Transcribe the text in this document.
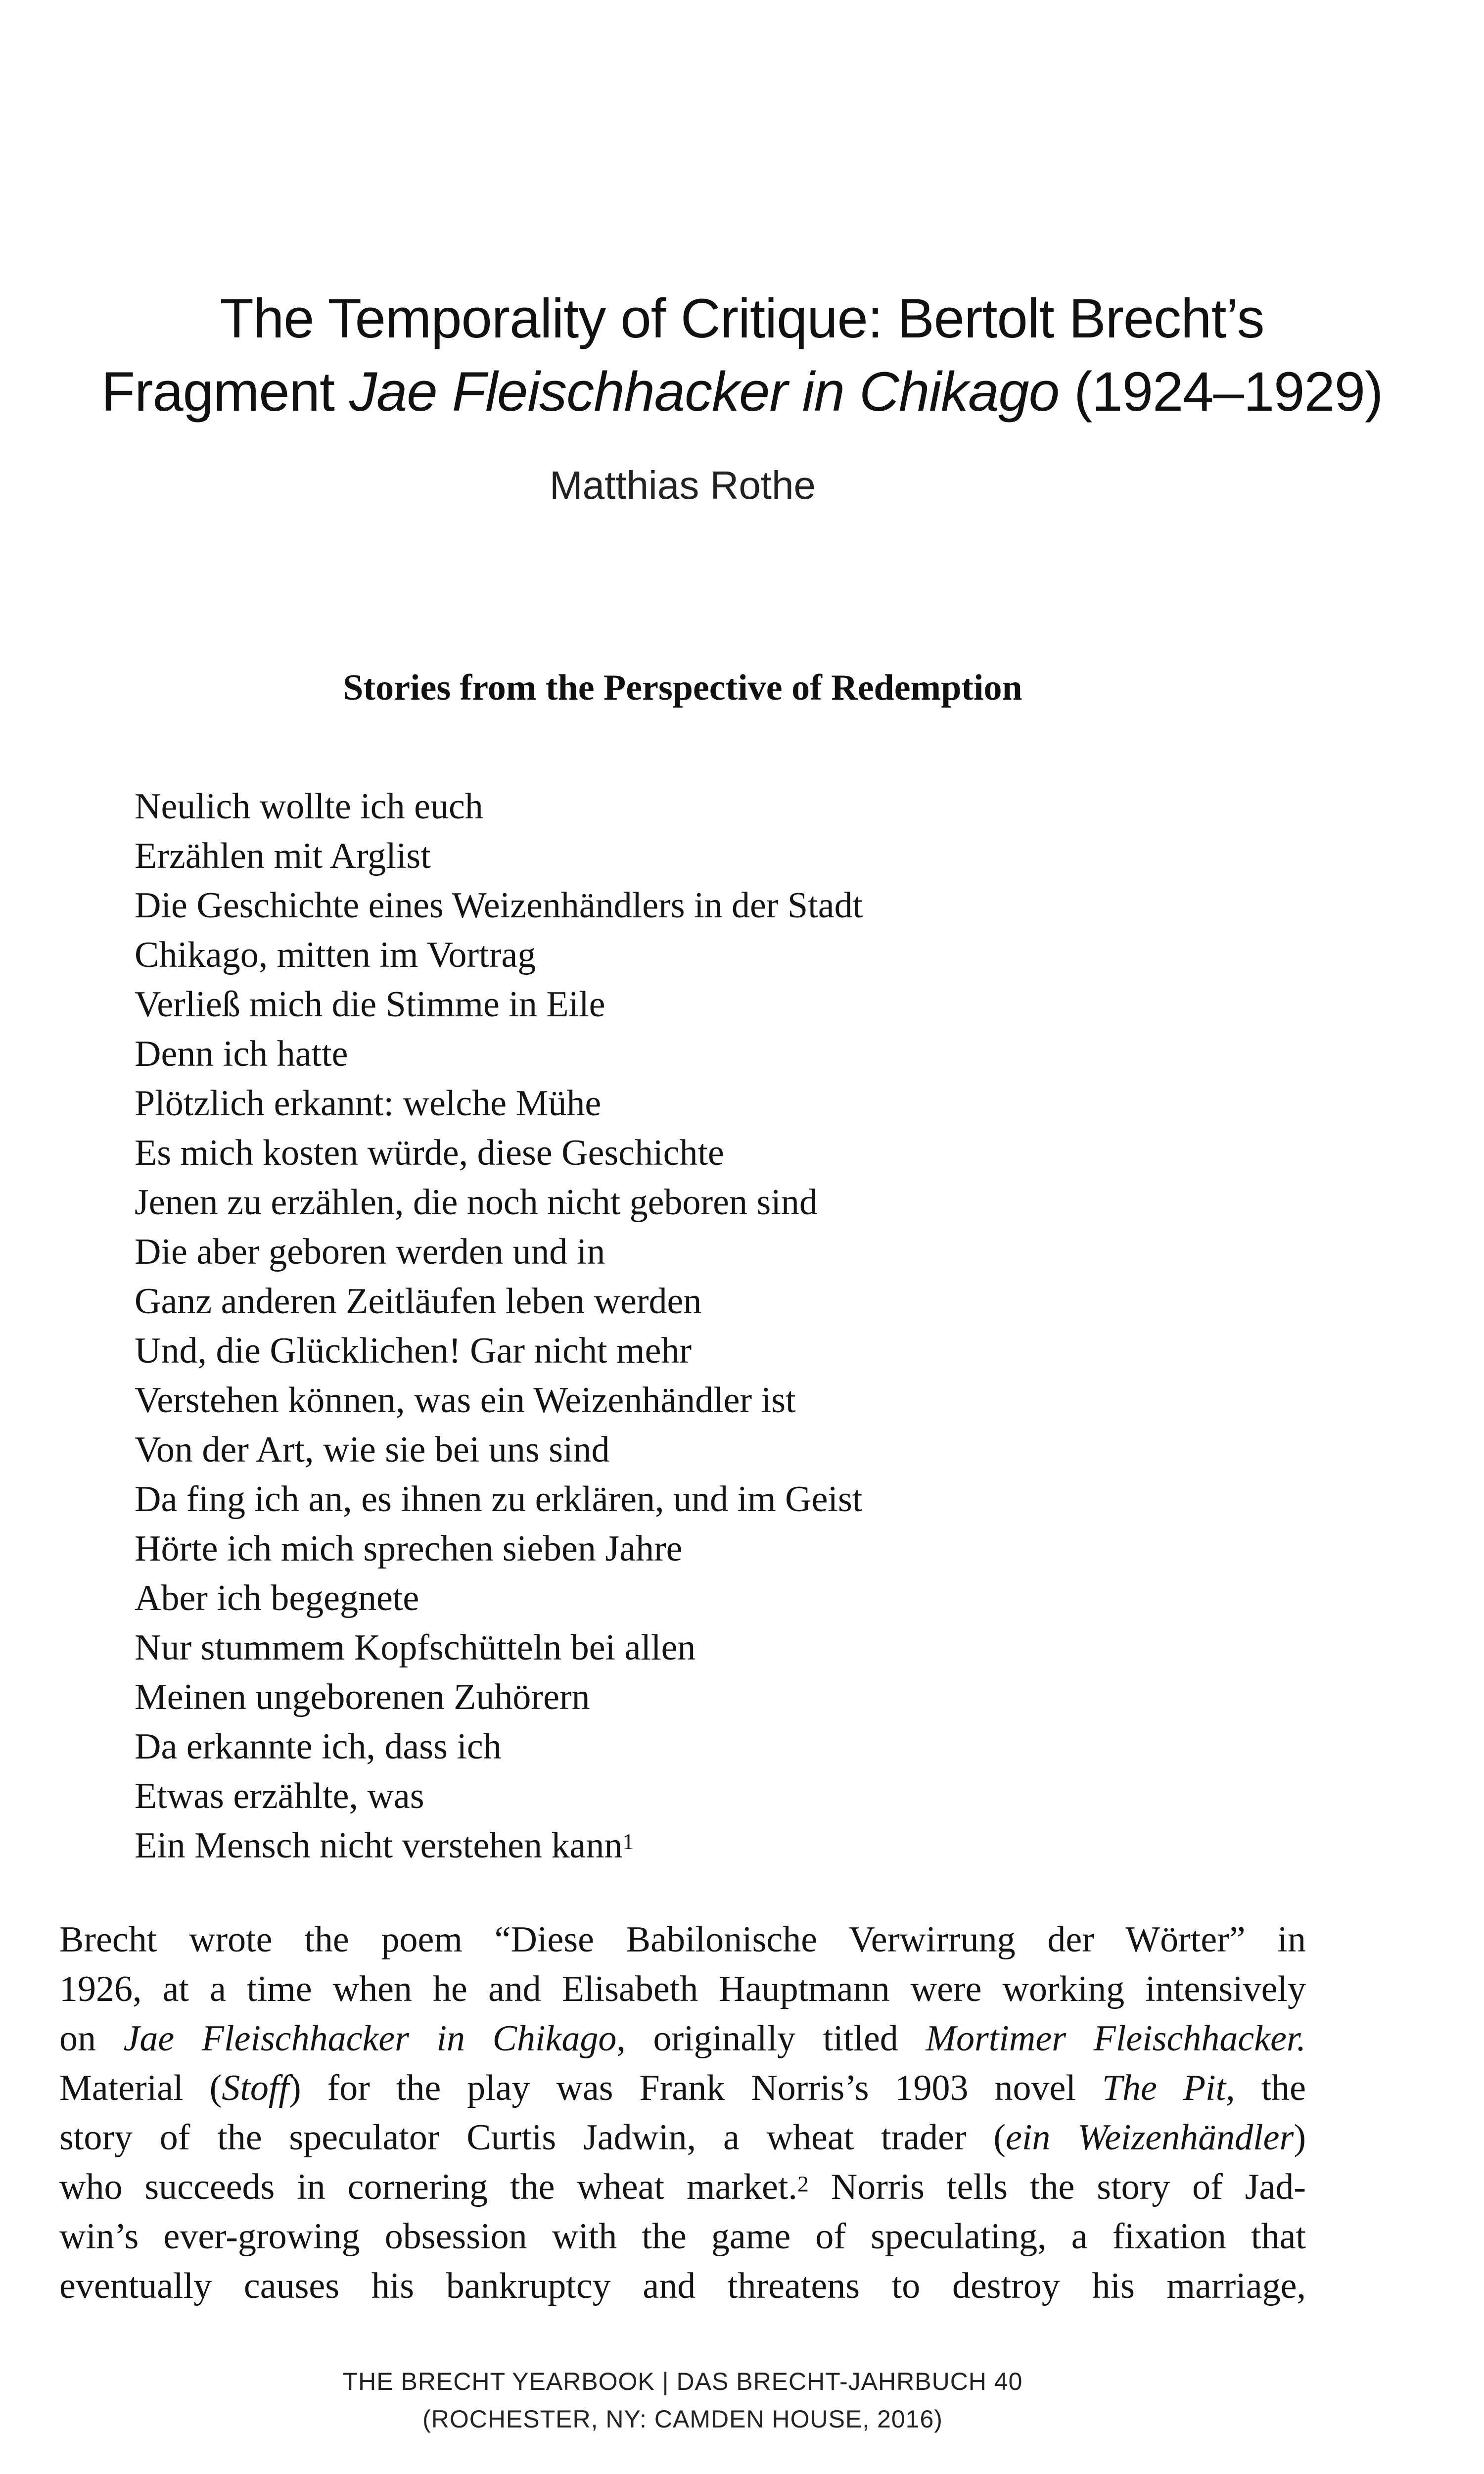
The Temporality of Critique: Bertolt Brecht’s
Fragment Jae Fleischhacker in Chikago (1924–1929)
Matthias Rothe
Stories from the Perspective of Redemption
Neulich wollte ich euch
Erzählen mit Arglist
Die Geschichte eines Weizenhändlers in der Stadt
Chikago, mitten im Vortrag
Verließ mich die Stimme in Eile
Denn ich hatte
Plötzlich erkannt: welche Mühe
Es mich kosten würde, diese Geschichte
Jenen zu erzählen, die noch nicht geboren sind
Die aber geboren werden und in
Ganz anderen Zeitläufen leben werden
Und, die Glücklichen! Gar nicht mehr
Verstehen können, was ein Weizenhändler ist
Von der Art, wie sie bei uns sind
Da fing ich an, es ihnen zu erklären, und im Geist
Hörte ich mich sprechen sieben Jahre
Aber ich begegnete
Nur stummem Kopfschütteln bei allen
Meinen ungeborenen Zuhörern
Da erkannte ich, dass ich
Etwas erzählte, was
Ein Mensch nicht verstehen kann$^1$
Brecht wrote the poem “Diese Babilonische Verwirrung der Wörter” in
1926, at a time when he and Elisabeth Hauptmann were working intensively
on Jae Fleischhacker in Chikago, originally titled Mortimer Fleischhacker.
Material (Stoff) for the play was Frank Norris’s 1903 novel The Pit, the
story of the speculator Curtis Jadwin, a wheat trader (ein Weizenhändler)
who succeeds in cornering the wheat market.$^2$ Norris tells the story of Jad-
win’s ever-growing obsession with the game of speculating, a fixation that
eventually causes his bankruptcy and threatens to destroy his marriage,
THE BRECHT YEARBOOK | DAS BRECHT-JAHRBUCH 40
(ROCHESTER, NY: CAMDEN HOUSE, 2016)
